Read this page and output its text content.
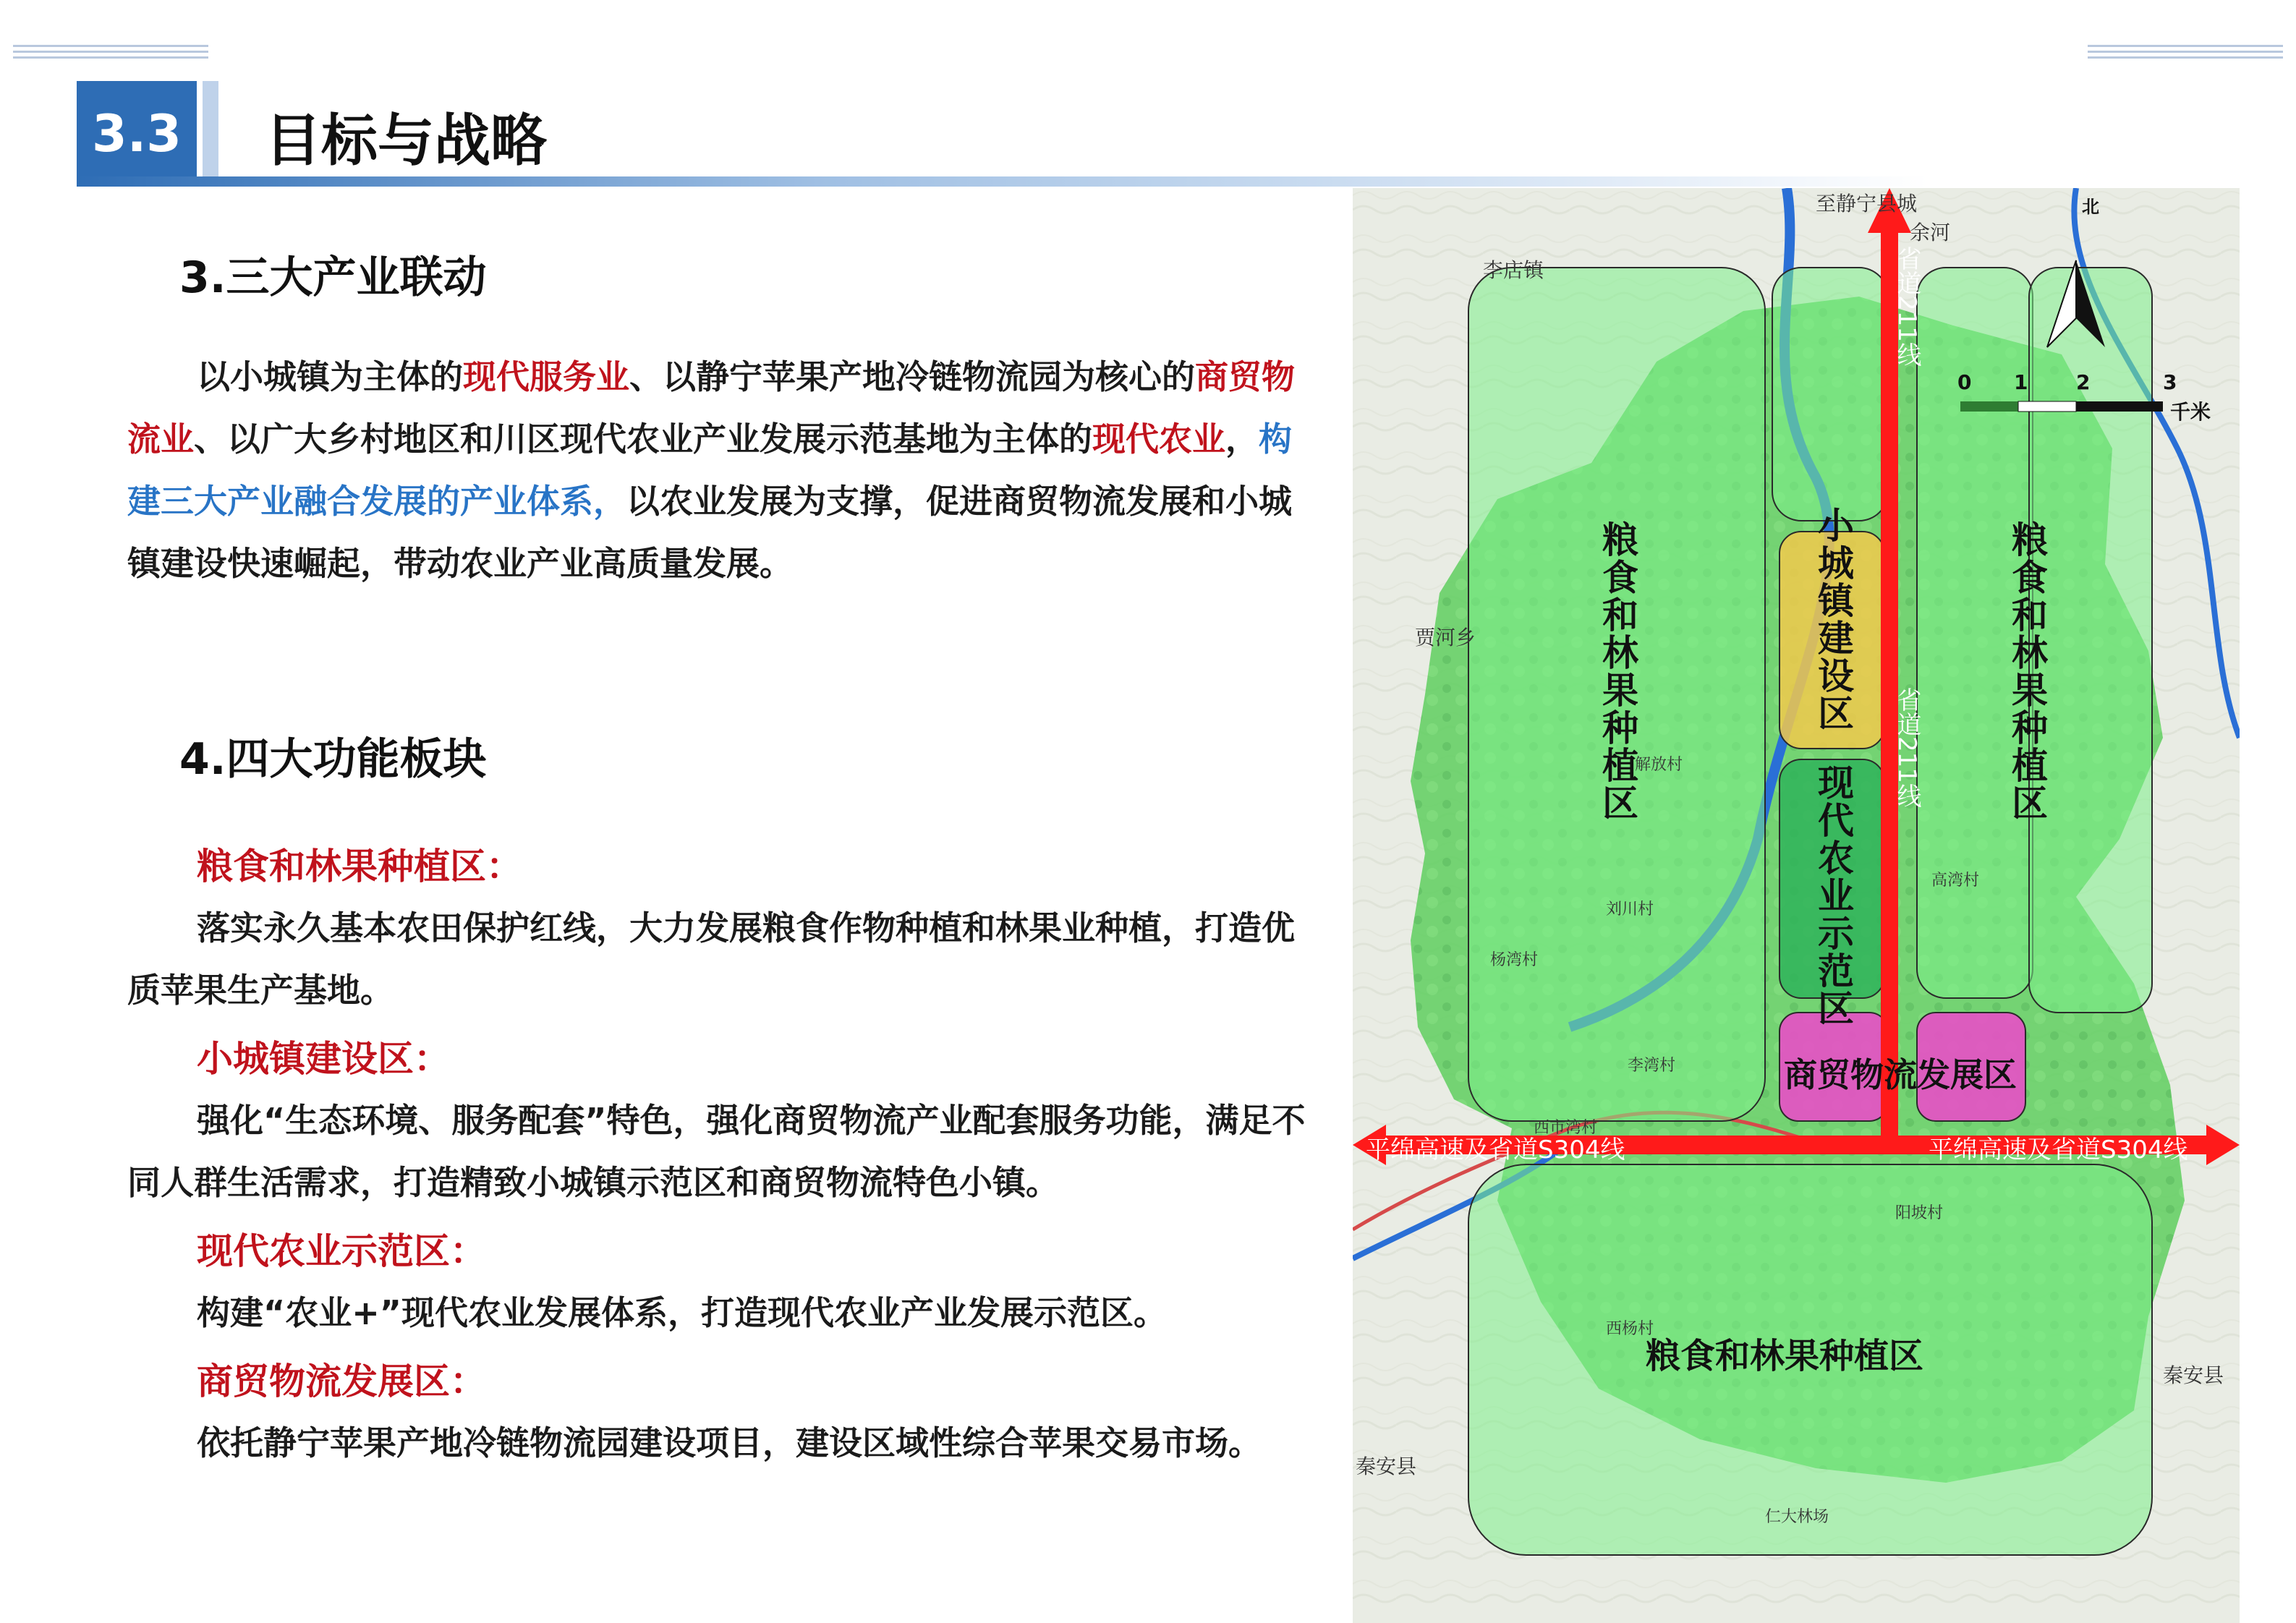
3.3 目标与战略
3.三大产业联动
以小城镇为主体的现代服务业、以静宁苹果产地冷链物流园为核心的商贸物流业、以广大乡村地区和川区现代农业产业发展示范基地为主体的现代农业，构建三大产业融合发展的产业体系，以农业发展为支撑，促进商贸物流发展和小城镇建设快速崛起，带动农业产业高质量发展。
4.四大功能板块
粮食和林果种植区：
落实永久基本农田保护红线，大力发展粮食作物种植和林果业种植，打造优质苹果生产基地。
小城镇建设区：
强化“生态环境、服务配套”特色，强化商贸物流产业配套服务功能，满足不同人群生活需求，打造精致小城镇示范区和商贸物流特色小镇。
现代农业示范区：
构建“农业+”现代农业发展体系，打造现代农业产业发展示范区。
商贸物流发展区：
依托静宁苹果产地冷链物流园建设项目，建设区域性综合苹果交易市场。
北
0 1 2	3
千米
至静宁县城
李店镇
余河
贾河乡
解放村
刘川村
杨湾村
李湾村
西市湾村
高湾村
阳坡村
西杨村
仁大林场
秦安县
秦安县
粮食和林果种植区	粮食和林果种植区
小城镇建设区
现代农业示范区
商贸物流发展区
粮食和林果种植区
省道211线
省道211线
平绵高速及省道S304线	平绵高速及省道S304线
